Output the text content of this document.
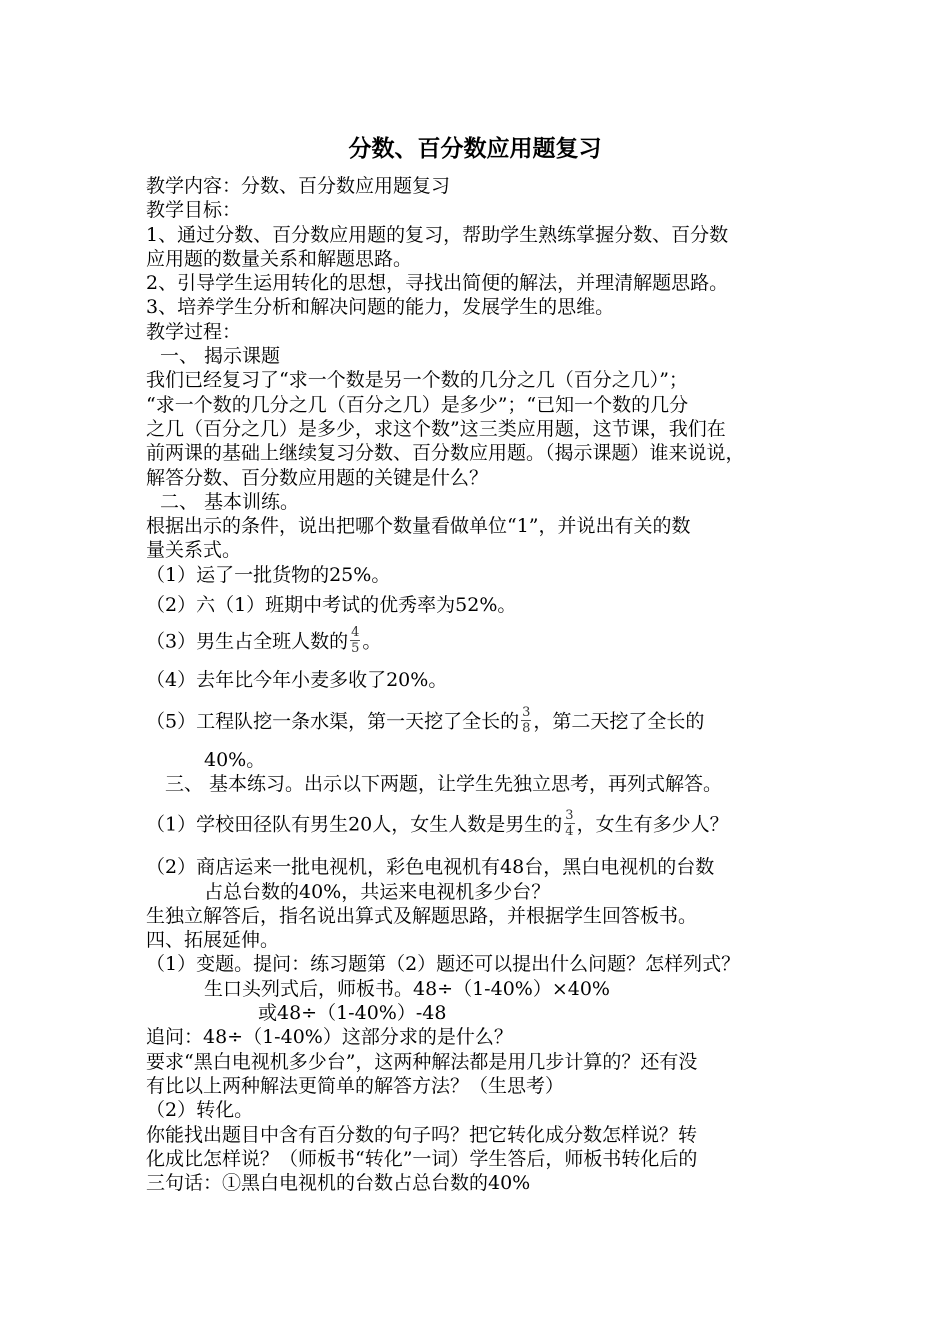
分数、百分数应用题复习

教学内容：分数、百分数应用题复习

教学目标：

1、通过分数、百分数应用题的复习，帮助学生熟练掌握分数、百分数

应用题的数量关系和解题思路。

2、引导学生运用转化的思想，寻找出简便的解法，并理清解题思路。

3、培养学生分析和解决问题的能力，发展学生的思维。

教学过程：

一、 揭示课题

我们已经复习了“求一个数是另一个数的几分之几（百分之几）”；

“求一个数的几分之几（百分之几）是多少”；“已知一个数的几分

之几（百分之几）是多少，求这个数”这三类应用题，这节课，我们在

前两课的基础上继续复习分数、百分数应用题。（揭示课题）谁来说说，

解答分数、百分数应用题的关键是什么？

二、 基本训练。

根据出示的条件，说出把哪个数量看做单位“1”，并说出有关的数

量关系式。

（1）运了一批货物的25%。

（2）六（1）班期中考试的优秀率为52%。

（3）男生占全班人数的 $\frac{4}{5}$ 。

（4）去年比今年小麦多收了20%。

（5）工程队挖一条水渠，第一天挖了全长的 $\frac{3}{8}$ ，第二天挖了全长的

40%。

三、 基本练习。出示以下两题，让学生先独立思考，再列式解答。

（1）学校田径队有男生20人，女生人数是男生的 $\frac{3}{4}$ ，女生有多少人？

（2）商店运来一批电视机，彩色电视机有48台，黑白电视机的台数

占总台数的40%，共运来电视机多少台？

生独立解答后，指名说出算式及解题思路，并根据学生回答板书。

四、拓展延伸。

（1）变题。提问：练习题第（2）题还可以提出什么问题？怎样列式？

生口头列式后，师板书。48÷（1-40%）×40%

或48÷（1-40%）-48

追问：48÷（1-40%）这部分求的是什么？

要求“黑白电视机多少台”，这两种解法都是用几步计算的？还有没

有比以上两种解法更简单的解答方法？（生思考）

（2）转化。

你能找出题目中含有百分数的句子吗？把它转化成分数怎样说？转

化成比怎样说？（师板书“转化”一词）学生答后，师板书转化后的

三句话：①黑白电视机的台数占总台数的40%
